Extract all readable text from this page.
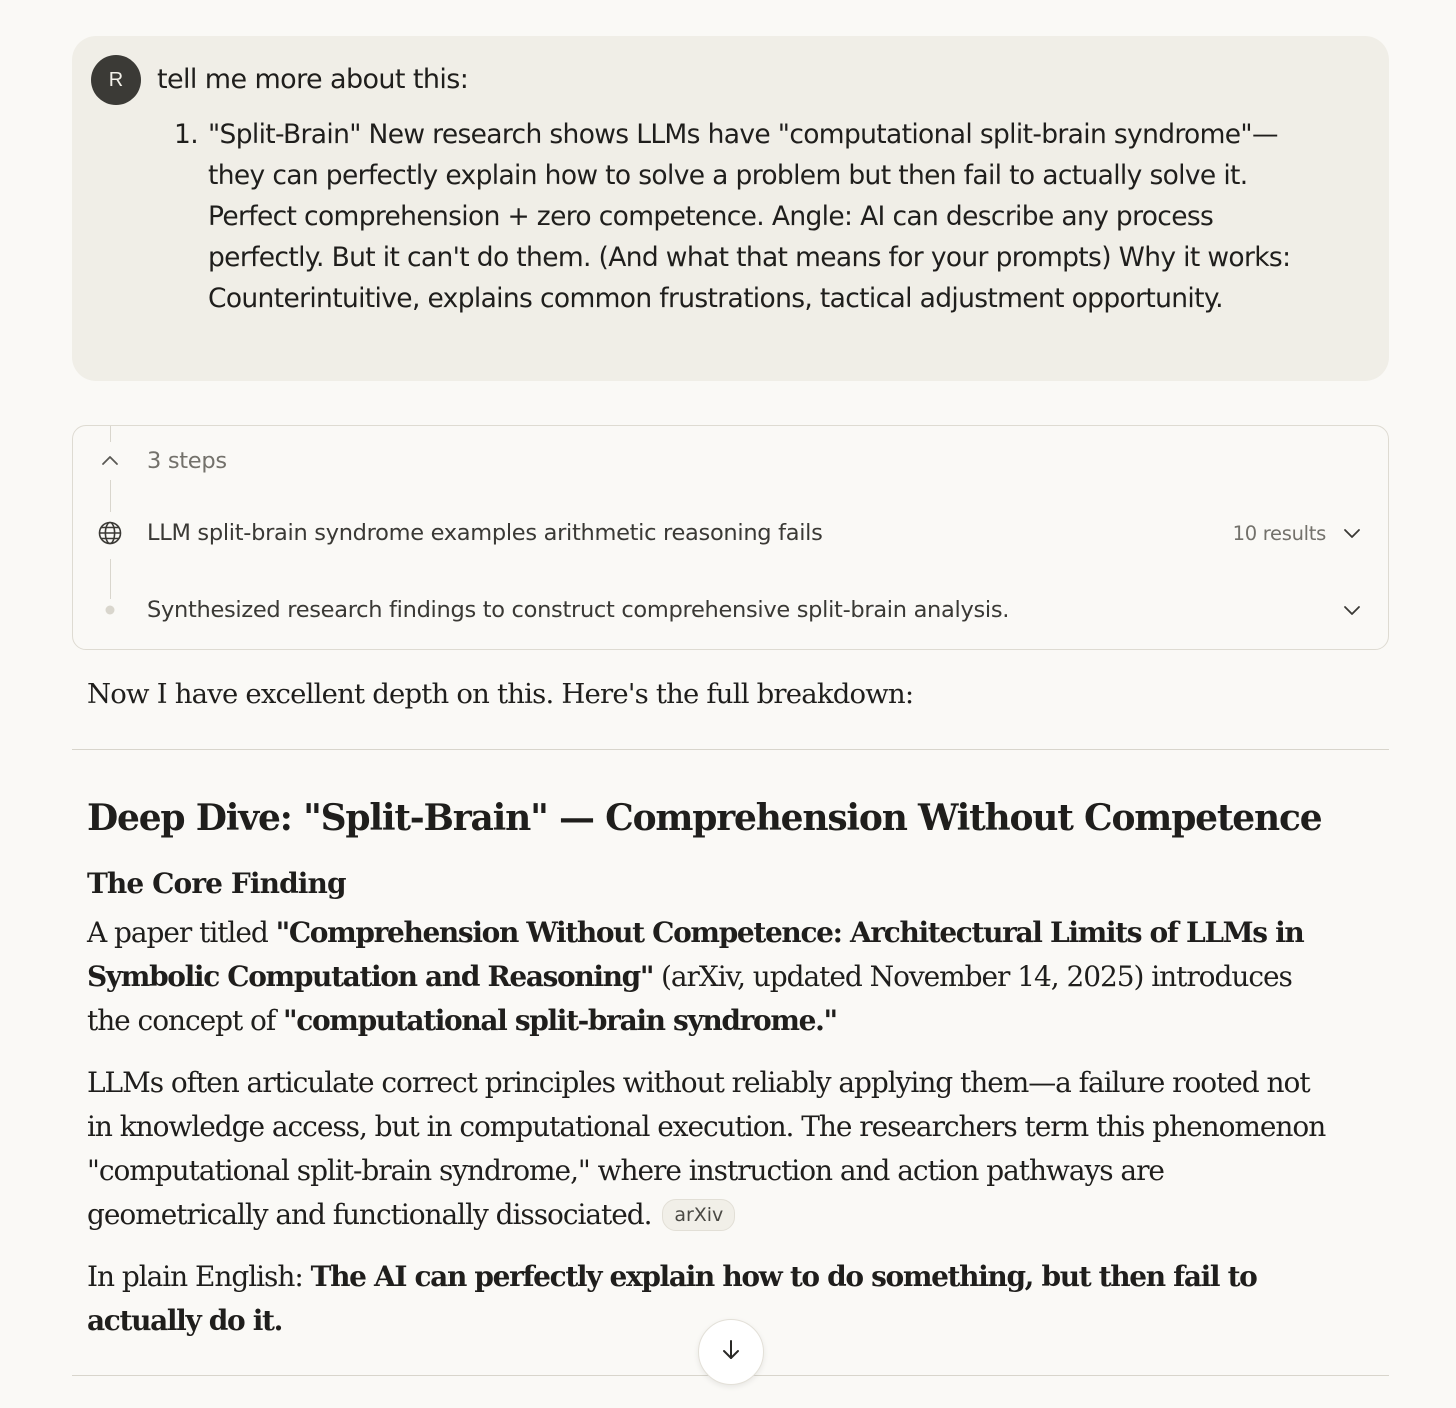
R	tell me more about this:
1. "Split-Brain" New research shows LLMs have "computational split-brain syndrome"—they can perfectly explain how to solve a problem but then fail to actually solve it. Perfect comprehension + zero competence. Angle: AI can describe any process perfectly. But it can't do them. (And what that means for your prompts) Why it works: Counterintuitive, explains common frustrations, tactical adjustment opportunity.
3 steps
LLM split-brain syndrome examples arithmetic reasoning fails	10 results
Synthesized research findings to construct comprehensive split-brain analysis.
Now I have excellent depth on this. Here's the full breakdown:
Deep Dive: "Split-Brain" — Comprehension Without Competence
The Core Finding
A paper titled "Comprehension Without Competence: Architectural Limits of LLMs in Symbolic Computation and Reasoning" (arXiv, updated November 14, 2025) introduces the concept of "computational split-brain syndrome."
LLMs often articulate correct principles without reliably applying them—a failure rooted not in knowledge access, but in computational execution. The researchers term this phenomenon "computational split-brain syndrome," where instruction and action pathways are geometrically and functionally dissociated. arXiv
In plain English: The AI can perfectly explain how to do something, but then fail to actually do it.
